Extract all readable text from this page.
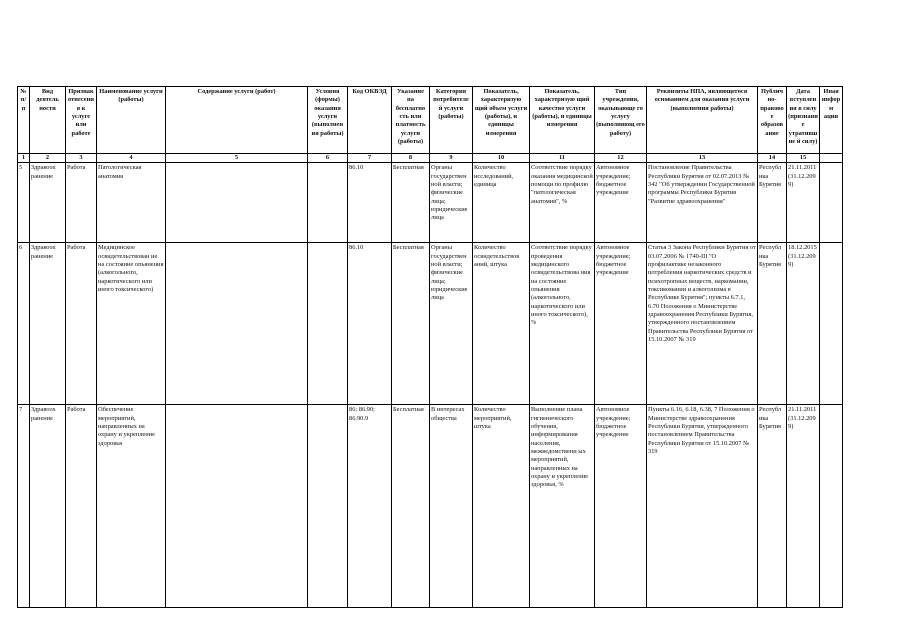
№ п/п	Вид деятель ности	Признак отнесени я к услуге или работе	Наименование услуги (работы)	Содержание услуги (работ)	Условия (формы) оказания услуги (выполнен ия работы)	Код ОКВЭД	Указание на бесплатно сть или платность услуги (работы)	Категория потребителе й услуги (работы)	Показатель, характеризую щий объем услуги (работы), и единицы измерения	Показатель, характеризую щий качество услуги (работы), и единицы измерения	Тип учреждения, оказывающе го услугу (выполняющ его работу)	Реквизиты НПА, являющегося основанием для оказания услуги (выполнения работы)	Публич но- правово е образов ание	Дата вступления в силу (признание утратившие й силу)	Иная информ ации
1	2	3	4	5	6	7	8	9	10	11	12	13	14	15	
5	Здравоох ранение	Работа	Патологическая анатомия			86.10	Бесплатная	Органы государствен ной власти; физические лица; юридические лица	Количество исследований, единица	Соответствие порядку оказания медицинской помощи по профилю "патологическая анатомия", %	Автономное учреждение; бюджетное учреждение	Постановление Правительства Республики Бурятия от 02.07.2013 № 342 "Об утверждении Государственной программы Республики Бурятия "Развитие здравоохранения"	Республ ика Бурятия	21.11.2011 (31.12.2099)	
6	Здравоох ранение	Работа	Медицинское освидетельствован ие на состояние опьянения (алкогольного, наркотического или иного токсического)			86.10	Бесплатная	Органы государствен ной власти; физические лица; юридические лица	Количество освидетельствов аний, штука	Соответствие порядку проведения медицинского освидетельствова ния на состояние опьянения (алкогольного, наркотического или иного токсического), %	Автономное учреждение; бюджетное учреждение	Статья 3 Закона Республики Бурятия от 03.07.2006 № 1740-III "О профилактике незаконного потребления наркотических средств и психотропных веществ, наркомании, токсикомании и алкоголизма в Республике Бурятия"; пункты 6.7.1, 6.70 Положения о Министерстве здравоохранения Республики Бурятия, утвержденного постановлением Правительства Республики Бурятия от 15.10.2007 № 319	Республ ика Бурятия	18.12.2015 (31.12.2099)	
7	Здравоох ранение	Работа	Обеспечение мероприятий, направленных на охрану и укрепление здоровья			86; 86.90; 86.90.9	Бесплатная	В интересах общества	Количество мероприятий, штука	Выполнение плана гигиенического обучения, информирования населения, межведомственн ых мероприятий, направленных на охрану и укрепление здоровья, %	Автономное учреждение; бюджетное учреждение	Пункты 6.16, 6.18, 6.38, 7 Положения о Министерстве здравоохранения Республики Бурятия, утвержденного постановлением Правительства Республики Бурятия от 15.10.2007 № 319	Республ ика Бурятия	21.11.2011 (31.12.2099)	
